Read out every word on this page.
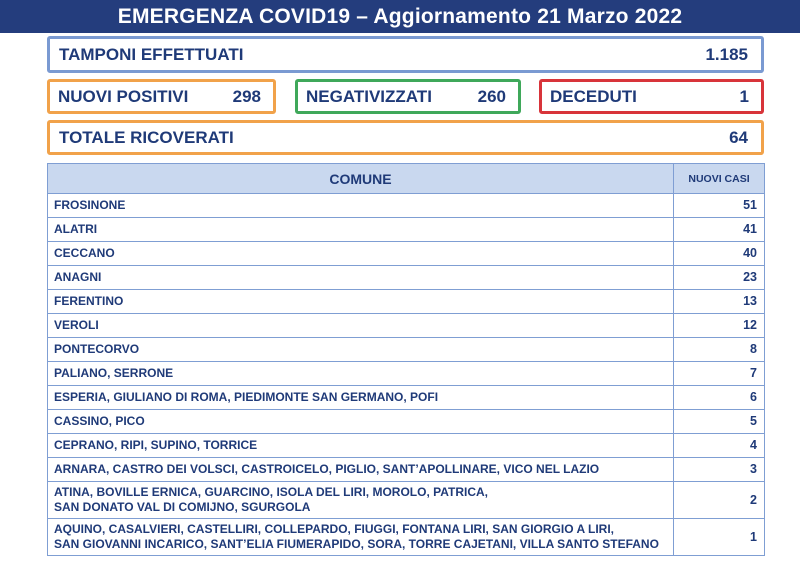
EMERGENZA COVID19 – Aggiornamento 21 Marzo 2022
TAMPONI EFFETTUATI	1.185
NUOVI POSITIVI	298	NEGATIVIZZATI	260	DECEDUTI	1
TOTALE RICOVERATI	64
COMUNE	NUOVI CASI
FROSINONE	51
ALATRI	41
CECCANO	40
ANAGNI	23
FERENTINO	13
VEROLI	12
PONTECORVO	8
PALIANO, SERRONE	7
ESPERIA, GIULIANO DI ROMA, PIEDIMONTE SAN GERMANO, POFI	6
CASSINO, PICO	5
CEPRANO, RIPI, SUPINO, TORRICE	4
ARNARA, CASTRO DEI VOLSCI, CASTROICELO, PIGLIO, SANT’APOLLINARE, VICO NEL LAZIO	3

ATINA, BOVILLE ERNICA, GUARCINO, ISOLA DEL LIRI, MOROLO, PATRICA,
SAN DONATO VAL DI COMIJNO, SGURGOLA	2

AQUINO, CASALVIERI, CASTELLIRI, COLLEPARDO, FIUGGI, FONTANA LIRI, SAN GIORGIO A LIRI,
SAN GIOVANNI INCARICO, SANT’ELIA FIUMERAPIDO, SORA, TORRE CAJETANI, VILLA SANTO STEFANO	1
